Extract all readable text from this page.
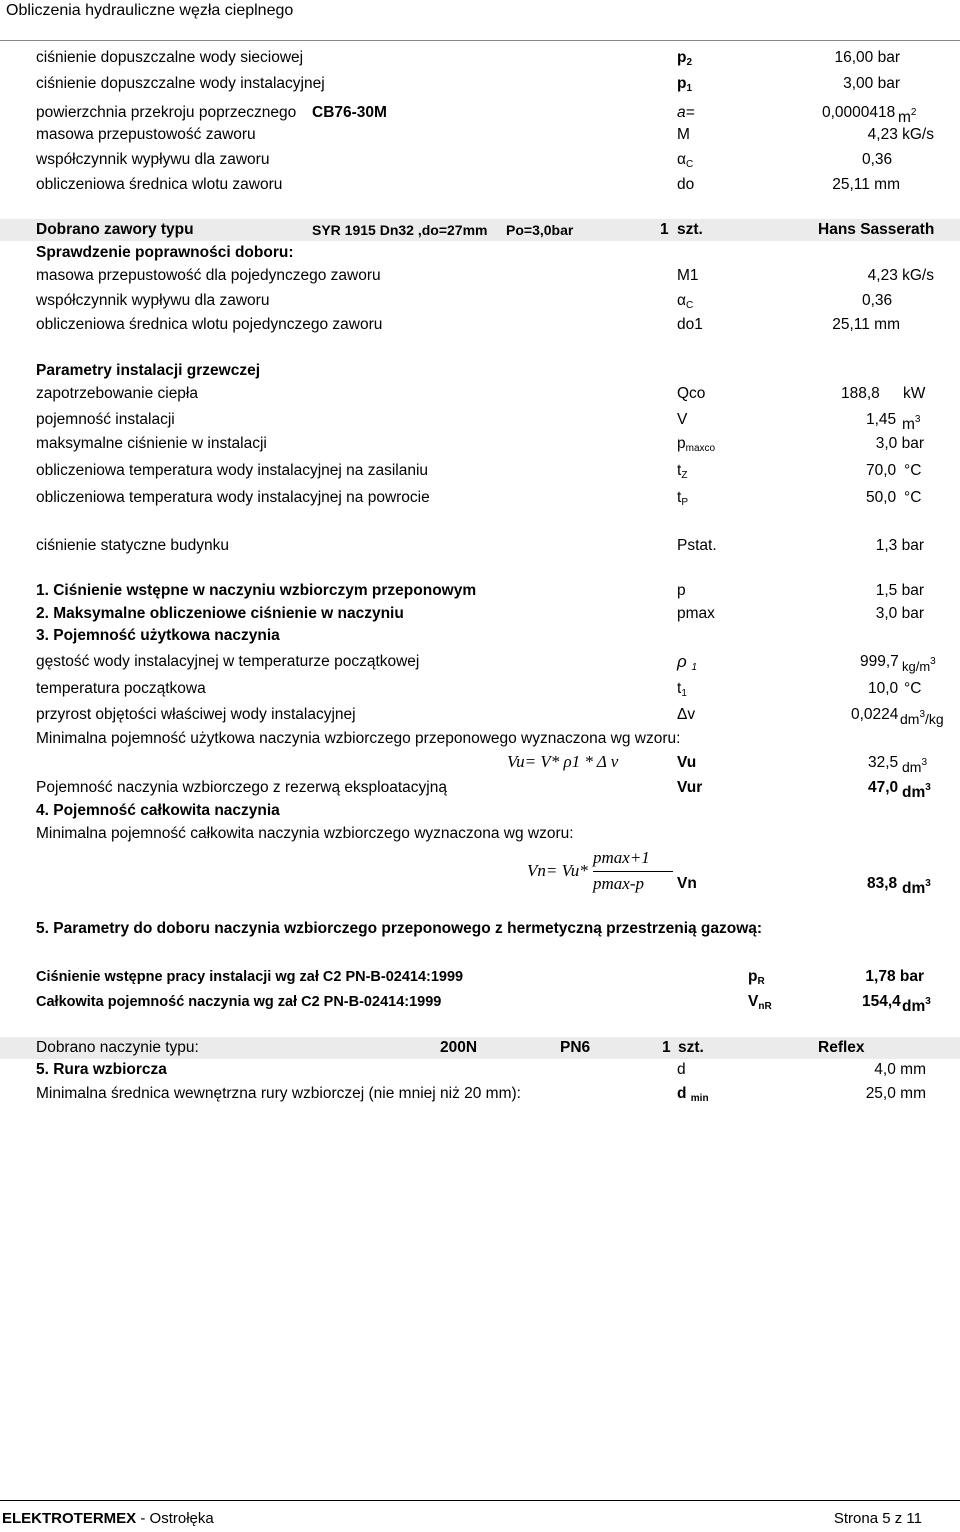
Obliczenia hydrauliczne węzła cieplnego
ciśnienie dopuszczalne wody sieciowej	$p_2$	16,00 bar
ciśnienie dopuszczalne wody instalacyjnej	$p_1$	3,00 bar
powierzchnia przekroju poprzecznego CB76-30M	a=	0,0000418 $m^2$
masowa przepustowość zaworu	M	4,23 kG/s
współczynnik wypływu dla zaworu	$\alpha_C$	0,36
obliczeniowa średnica wlotu zaworu	do	25,11 mm
Dobrano zawory typu	SYR 1915 Dn32 ,do=27mm Po=3,0bar	1 szt.	Hans Sasserath
Sprawdzenie poprawności doboru:
masowa przepustowość dla pojedynczego zaworu	M1	4,23 kG/s
współczynnik wypływu dla zaworu	$\alpha_C$	0,36
obliczeniowa średnica wlotu pojedynczego zaworu	do1	25,11 mm
Parametry instalacji grzewczej
zapotrzebowanie ciepła	Qco	188,8 kW
pojemność instalacji	V	1,45 $m^3$
maksymalne ciśnienie w instalacji	$p_{maxco}$	3,0 bar
obliczeniowa temperatura wody instalacyjnej na zasilaniu	$t_Z$	70,0 °C
obliczeniowa temperatura wody instalacyjnej na powrocie	$t_P$	50,0 °C
ciśnienie statyczne budynku	Pstat.	1,3 bar
1. Ciśnienie wstępne w naczyniu wzbiorczym przeponowym	p	1,5 bar
2. Maksymalne obliczeniowe ciśnienie w naczyniu	pmax	3,0 bar
3. Pojemność użytkowa naczynia
gęstość wody instalacyjnej w temperaturze początkowej	ρ $_1$	999,7 $kg/m^3$
temperatura początkowa	$t_1$	10,0 °C
przyrost objętości właściwej wody instalacyjnej	Δv	0,0224 $dm^3/kg$
Minimalna pojemność użytkowa naczynia wzbiorczego przeponowego wyznaczona wg wzoru:
Vu= V* ρ1 * Δ v	Vu	32,5 $dm^3$
Pojemność naczynia wzbiorczego z rezerwą eksploatacyjną	Vur	47,0 $dm^3$
4. Pojemność całkowita naczynia
Minimalna pojemność całkowita naczynia wzbiorczego wyznaczona wg wzoru:
Vn= Vu*
pmax+1
pmax-p Vn	83,8 $dm^3$
5. Parametry do doboru naczynia wzbiorczego przeponowego z hermetyczną przestrzenią gazową:
Ciśnienie wstępne pracy instalacji wg zał C2 PN-B-02414:1999	$p_R$	1,78 bar
Całkowita pojemność naczynia wg zał C2 PN-B-02414:1999	$V_{nR}$	154,4 $dm^3$
Dobrano naczynie typu:	200N	PN6	1 szt.	Reflex
5. Rura wzbiorcza	d	4,0 mm
Minimalna średnica wewnętrzna rury wzbiorczej (nie mniej niż 20 mm):	d $_{min}$	25,0 mm
ELEKTROTERMEX - Ostrołęka	Strona 5 z 11
